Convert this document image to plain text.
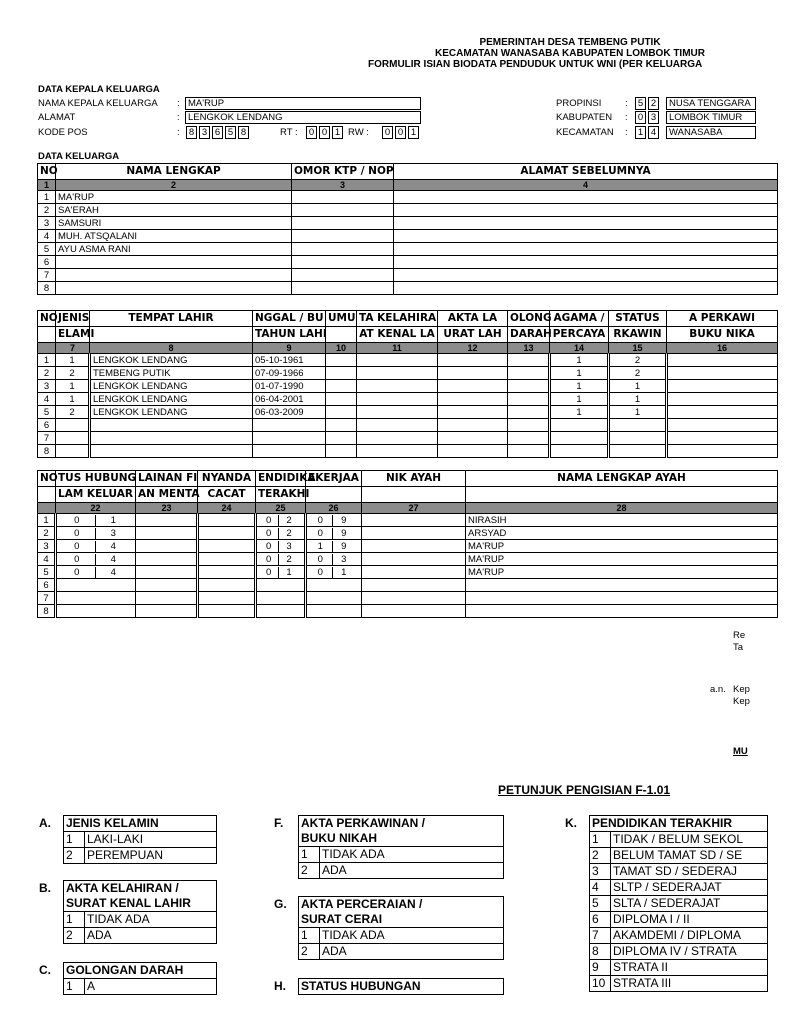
PEMERINTAH DESA TEMBENG PUTIK
KECAMATAN WANASABA KABUPATEN LOMBOK TIMUR
FORMULIR ISIAN BIODATA PENDUDUK UNTUK WNI (PER KELUARGA
DATA KEPALA KELUARGA
NAMA KEPALA KELUARGA : MA'RUP
ALAMAT	: LENGKOK LENDANG
KODE POS	: 8 3 6 5 8	RT : 0 0 1 RW : 0 0 1
PROPINSI : 5 2	NUSA TENGGARA
KABUPATEN : 0 3	LOMBOK TIMUR
KECAMATAN : 1 4	WANASABA
DATA KELUARGA
NO	NAMA LENGKAP	OMOR KTP / NOP	ALAMAT SEBELUMNYA
1	2	3	4
1	MA'RUP		
2	SA'ERAH		
3	SAMSURI		
4	MUH. ATSQALANI		
5	AYU ASMA RANI		
6			
7			
8			
NO	JENIS	TEMPAT LAHIR	NGGAL / BU	UMU	TA KELAHIRA	AKTA LA	OLONG	AGAMA /	STATUS	A PERKAWI
	ELAMI		TAHUN LAHI		AT KENAL LA	URAT LAH	DARAH	PERCAYA	RKAWIN	BUKU NIKA
	7	8	9	10	11	12	13	14	15	16
1	1	LENGKOK LENDANG	05-10-1961					1	2	
2	2	TEMBENG PUTIK	07-09-1966					1	2	
3	1	LENGKOK LENDANG	01-07-1990					1	1	
4	1	LENGKOK LENDANG	06-04-2001					1	1	
5	2	LENGKOK LENDANG	06-03-2009					1	1	
6										
7										
8										
NO	TUS HUBUNG	LAINAN FI	NYANDA	ENDIDIKA	EKERJAA	NIK AYAH	NAMA LENGKAP AYAH
	LAM KELUAR	AN MENTA	CACAT	TERAKHI			
	22	23	24	25	26	27	28
1	0 1			0 2	0 9		NIRASIH
2	0 3			0 2	0 9		ARSYAD
3	0 4			0 3	1 9		MA'RUP
4	0 4			0 2	0 3		MA'RUP
5	0 4			0 1	0 1		MA'RUP
6							
7							
8							
Re
Ta
a.n. Kep
Kep
MU
PETUNJUK PENGISIAN F-1.01
A.	JENIS KELAMIN	
	1	LAKI-LAKI
	2	PEREMPUAN
B.	AKTA KELAHIRAN /	
	SURAT KENAL LAHIR	
	1	TIDAK ADA
	2	ADA
C.	GOLONGAN DARAH	
	1	A
F.	AKTA PERKAWINAN /	
	BUKU NIKAH	
	1	TIDAK ADA
	2	ADA
G.	AKTA PERCERAIAN /	
	SURAT CERAI	
	1	TIDAK ADA
	2	ADA
H.	STATUS HUBUNGAN
K.	PENDIDIKAN TERAKHIR	
	1	TIDAK / BELUM SEKOL
	2	BELUM TAMAT SD / SE
	3	TAMAT SD / SEDERAJ
	4	SLTP / SEDERAJAT
	5	SLTA / SEDERAJAT
	6	DIPLOMA I / II
	7	AKAMDEMI / DIPLOMA
	8	DIPLOMA IV / STRATA
	9	STRATA II
	10	STRATA III
